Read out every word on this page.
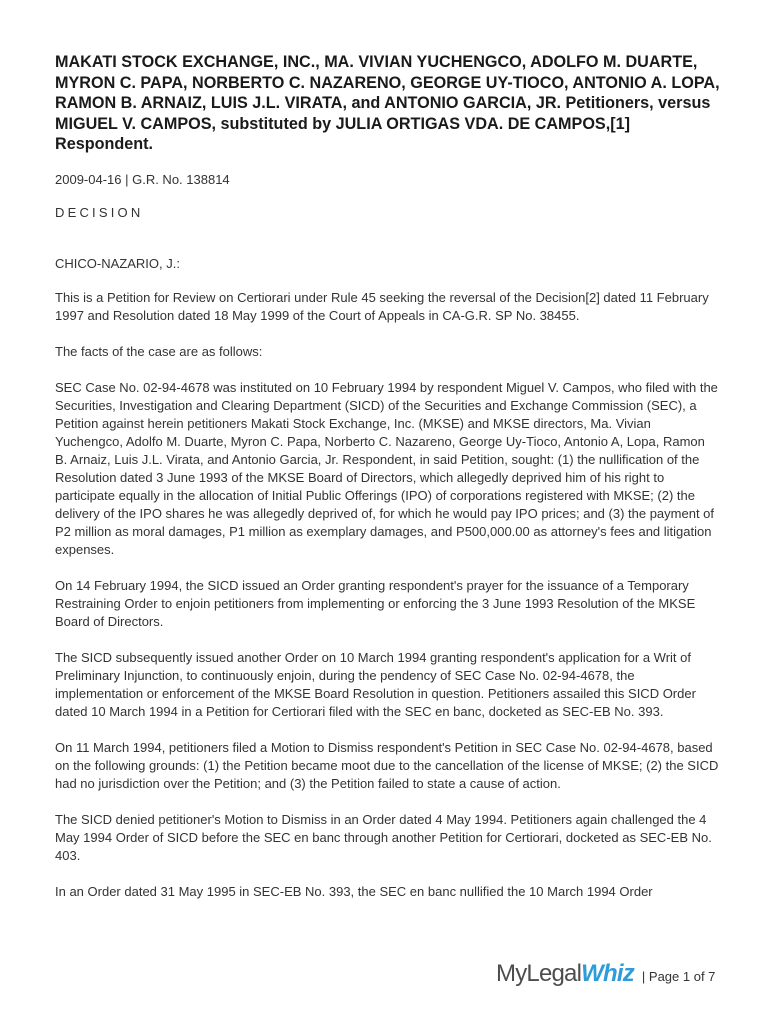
MAKATI STOCK EXCHANGE, INC., MA. VIVIAN YUCHENGCO, ADOLFO M. DUARTE, MYRON C. PAPA, NORBERTO C. NAZARENO, GEORGE UY-TIOCO, ANTONIO A. LOPA, RAMON B. ARNAIZ, LUIS J.L. VIRATA, and ANTONIO GARCIA, JR. Petitioners, versus MIGUEL V. CAMPOS, substituted by JULIA ORTIGAS VDA. DE CAMPOS,[1] Respondent.
2009-04-16 | G.R. No. 138814
DECISION
CHICO-NAZARIO, J.:

This is a Petition for Review on Certiorari under Rule 45 seeking the reversal of the Decision[2] dated 11 February 1997 and Resolution dated 18 May 1999 of the Court of Appeals in CA-G.R. SP No. 38455.

The facts of the case are as follows:

SEC Case No. 02-94-4678 was instituted on 10 February 1994 by respondent Miguel V. Campos, who filed with the Securities, Investigation and Clearing Department (SICD) of the Securities and Exchange Commission (SEC), a Petition against herein petitioners Makati Stock Exchange, Inc. (MKSE) and MKSE directors, Ma. Vivian Yuchengco, Adolfo M. Duarte, Myron C. Papa, Norberto C. Nazareno, George Uy-Tioco, Antonio A, Lopa, Ramon B. Arnaiz, Luis J.L. Virata, and Antonio Garcia, Jr. Respondent, in said Petition, sought: (1) the nullification of the Resolution dated 3 June 1993 of the MKSE Board of Directors, which allegedly deprived him of his right to participate equally in the allocation of Initial Public Offerings (IPO) of corporations registered with MKSE; (2) the delivery of the IPO shares he was allegedly deprived of, for which he would pay IPO prices; and (3) the payment of P2 million as moral damages, P1 million as exemplary damages, and P500,000.00 as attorney's fees and litigation expenses.

On 14 February 1994, the SICD issued an Order granting respondent's prayer for the issuance of a Temporary Restraining Order to enjoin petitioners from implementing or enforcing the 3 June 1993 Resolution of the MKSE Board of Directors.

The SICD subsequently issued another Order on 10 March 1994 granting respondent's application for a Writ of Preliminary Injunction, to continuously enjoin, during the pendency of SEC Case No. 02-94-4678, the implementation or enforcement of the MKSE Board Resolution in question. Petitioners assailed this SICD Order dated 10 March 1994 in a Petition for Certiorari filed with the SEC en banc, docketed as SEC-EB No. 393.

On 11 March 1994, petitioners filed a Motion to Dismiss respondent's Petition in SEC Case No. 02-94-4678, based on the following grounds: (1) the Petition became moot due to the cancellation of the license of MKSE; (2) the SICD had no jurisdiction over the Petition; and (3) the Petition failed to state a cause of action.

The SICD denied petitioner's Motion to Dismiss in an Order dated 4 May 1994. Petitioners again challenged the 4 May 1994 Order of SICD before the SEC en banc through another Petition for Certiorari, docketed as SEC-EB No. 403.

In an Order dated 31 May 1995 in SEC-EB No. 393, the SEC en banc nullified the 10 March 1994 Order

My Legal Whiz | Page 1 of 7
